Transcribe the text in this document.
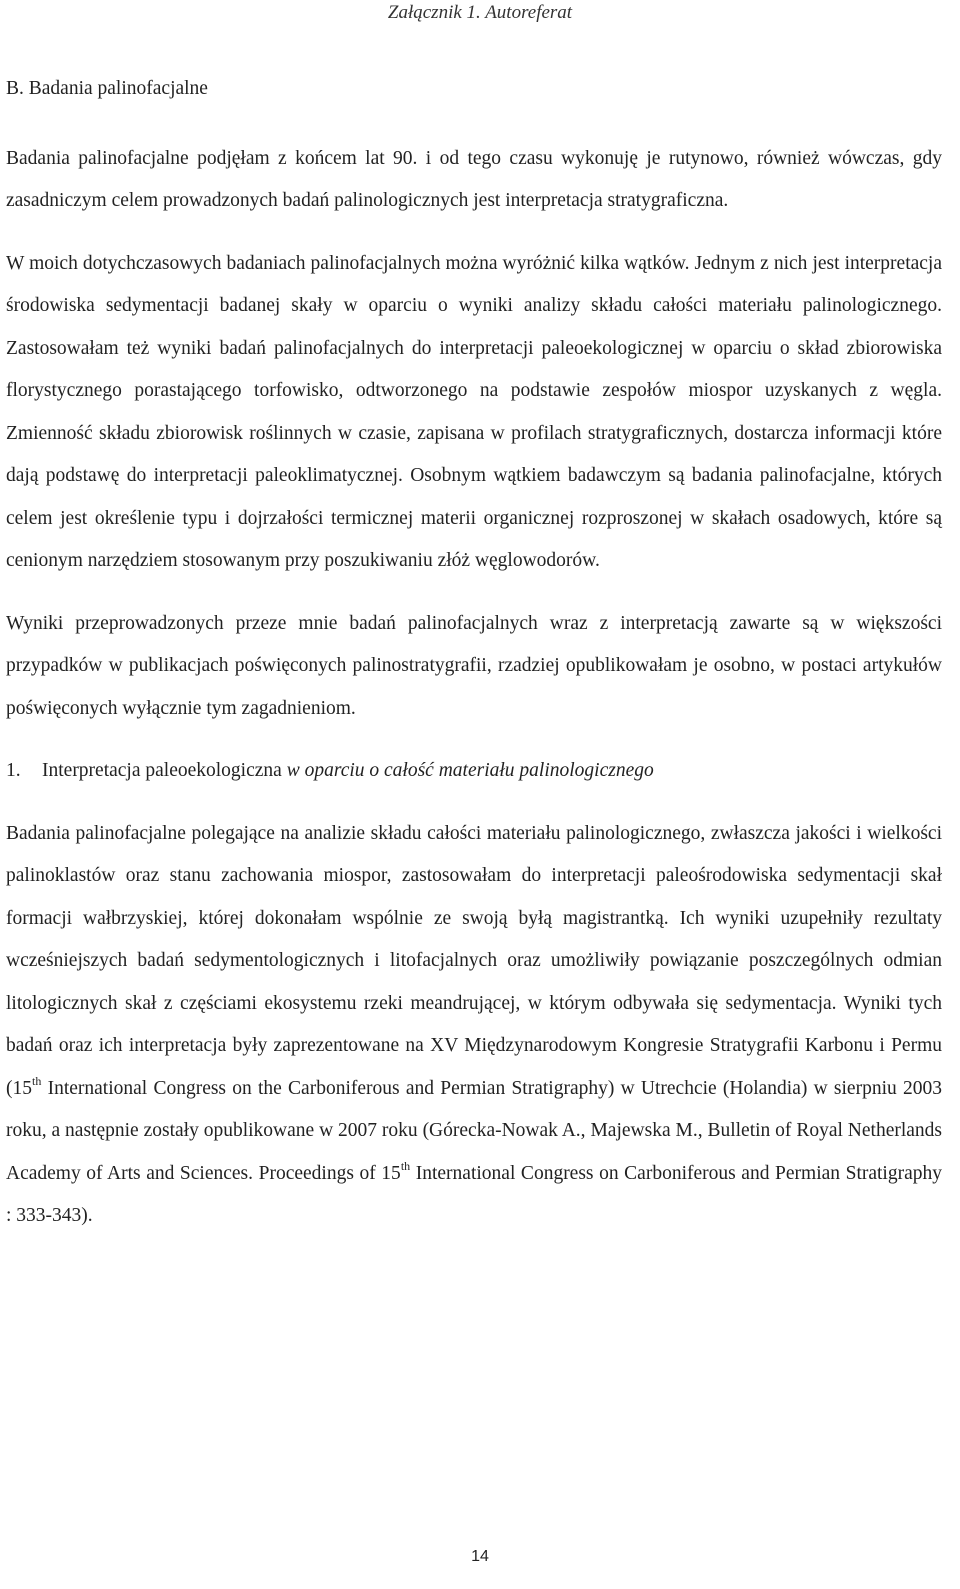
Załącznik 1. Autoreferat
B. Badania palinofacjalne

Badania palinofacjalne podjęłam z końcem lat 90. i od tego czasu wykonuję je rutynowo, również wówczas, gdy zasadniczym celem prowadzonych badań palinologicznych jest interpretacja stratygraficzna.

W moich dotychczasowych badaniach palinofacjalnych można wyróżnić kilka wątków. Jednym z nich jest interpretacja środowiska sedymentacji badanej skały w oparciu o wyniki analizy składu całości materiału palinologicznego. Zastosowałam też wyniki badań palinofacjalnych do interpretacji paleoekologicznej w oparciu o skład zbiorowiska florystycznego porastającego torfowisko, odtworzonego na podstawie zespołów miospor uzyskanych z węgla. Zmienność składu zbiorowisk roślinnych w czasie, zapisana w profilach stratygraficznych, dostarcza informacji które dają podstawę do interpretacji paleoklimatycznej. Osobnym wątkiem badawczym są badania palinofacjalne, których celem jest określenie typu i dojrzałości termicznej materii organicznej rozproszonej w skałach osadowych, które są cenionym narzędziem stosowanym przy poszukiwaniu złóż węglowodorów.

Wyniki przeprowadzonych przeze mnie badań palinofacjalnych wraz z interpretacją zawarte są w większości przypadków w publikacjach poświęconych palinostratygrafii, rzadziej opublikowałam je osobno, w postaci artykułów poświęconych wyłącznie tym zagadnieniom.

1. Interpretacja paleoekologiczna w oparciu o całość materiału palinologicznego

Badania palinofacjalne polegające na analizie składu całości materiału palinologicznego, zwłaszcza jakości i wielkości palinoklastów oraz stanu zachowania miospor, zastosowałam do interpretacji paleośrodowiska sedymentacji skał formacji wałbrzyskiej, której dokonałam wspólnie ze swoją byłą magistrantką. Ich wyniki uzupełniły rezultaty wcześniejszych badań sedymentologicznych i litofacjalnych oraz umożliwiły powiązanie poszczególnych odmian litologicznych skał z częściami ekosystemu rzeki meandrującej, w którym odbywała się sedymentacja. Wyniki tych badań oraz ich interpretacja były zaprezentowane na XV Międzynarodowym Kongresie Stratygrafii Karbonu i Permu (15th International Congress on the Carboniferous and Permian Stratigraphy) w Utrechcie (Holandia) w sierpniu 2003 roku, a następnie zostały opublikowane w 2007 roku (Górecka-Nowak A., Majewska M., Bulletin of Royal Netherlands Academy of Arts and Sciences. Proceedings of 15th International Congress on Carboniferous and Permian Stratigraphy : 333-343).

14
